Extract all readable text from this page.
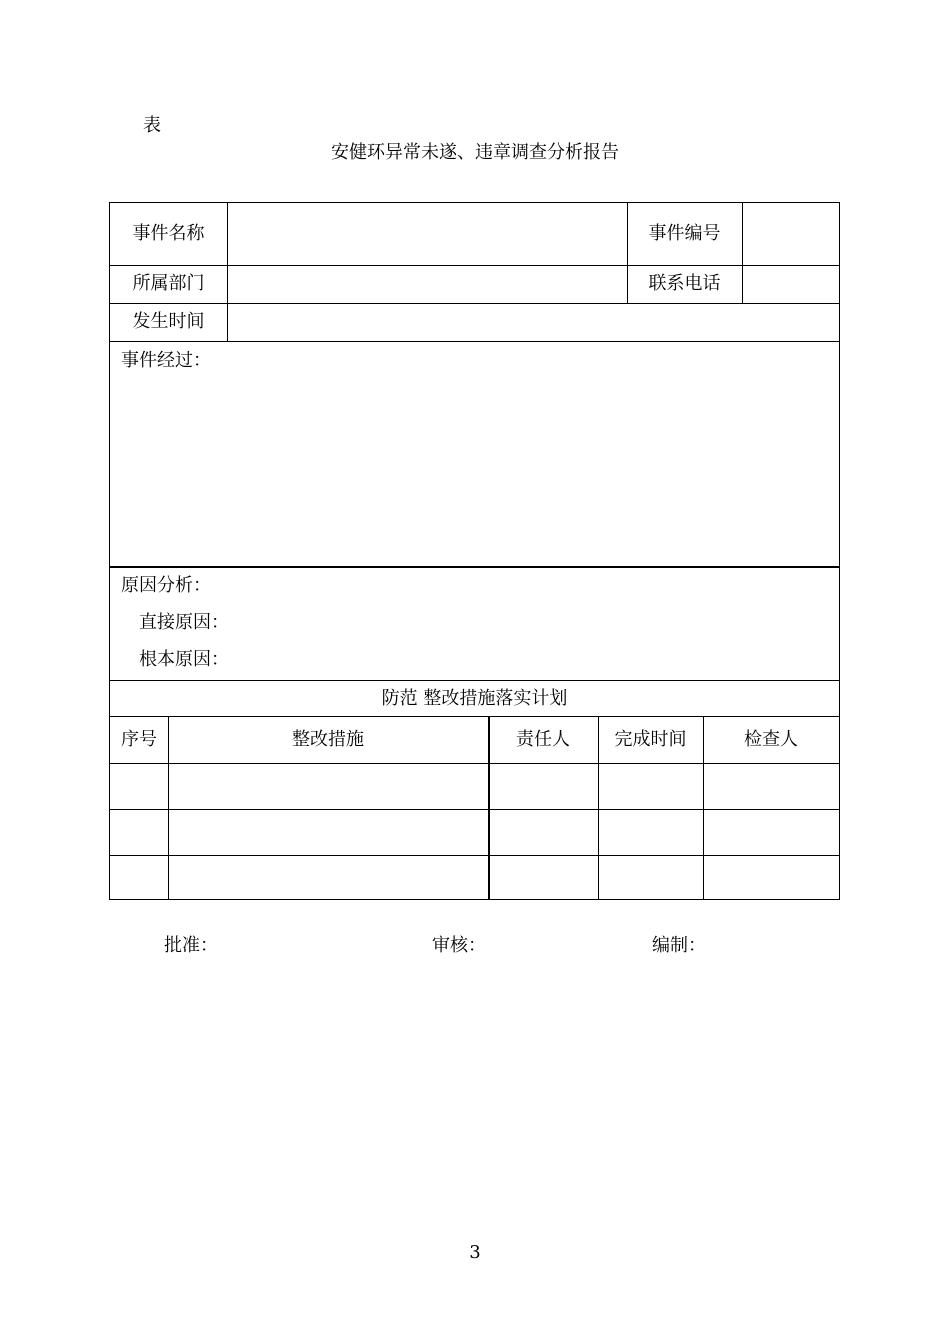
表
安健环异常未遂、违章调查分析报告
事件名称	事件编号
所属部门	联系电话
发生时间
事件经过：
原因分析：
直接原因：
根本原因：
防范 整改措施落实计划
序号	整改措施	责任人	完成时间	检查人
批准：	审核：	编制：
3
